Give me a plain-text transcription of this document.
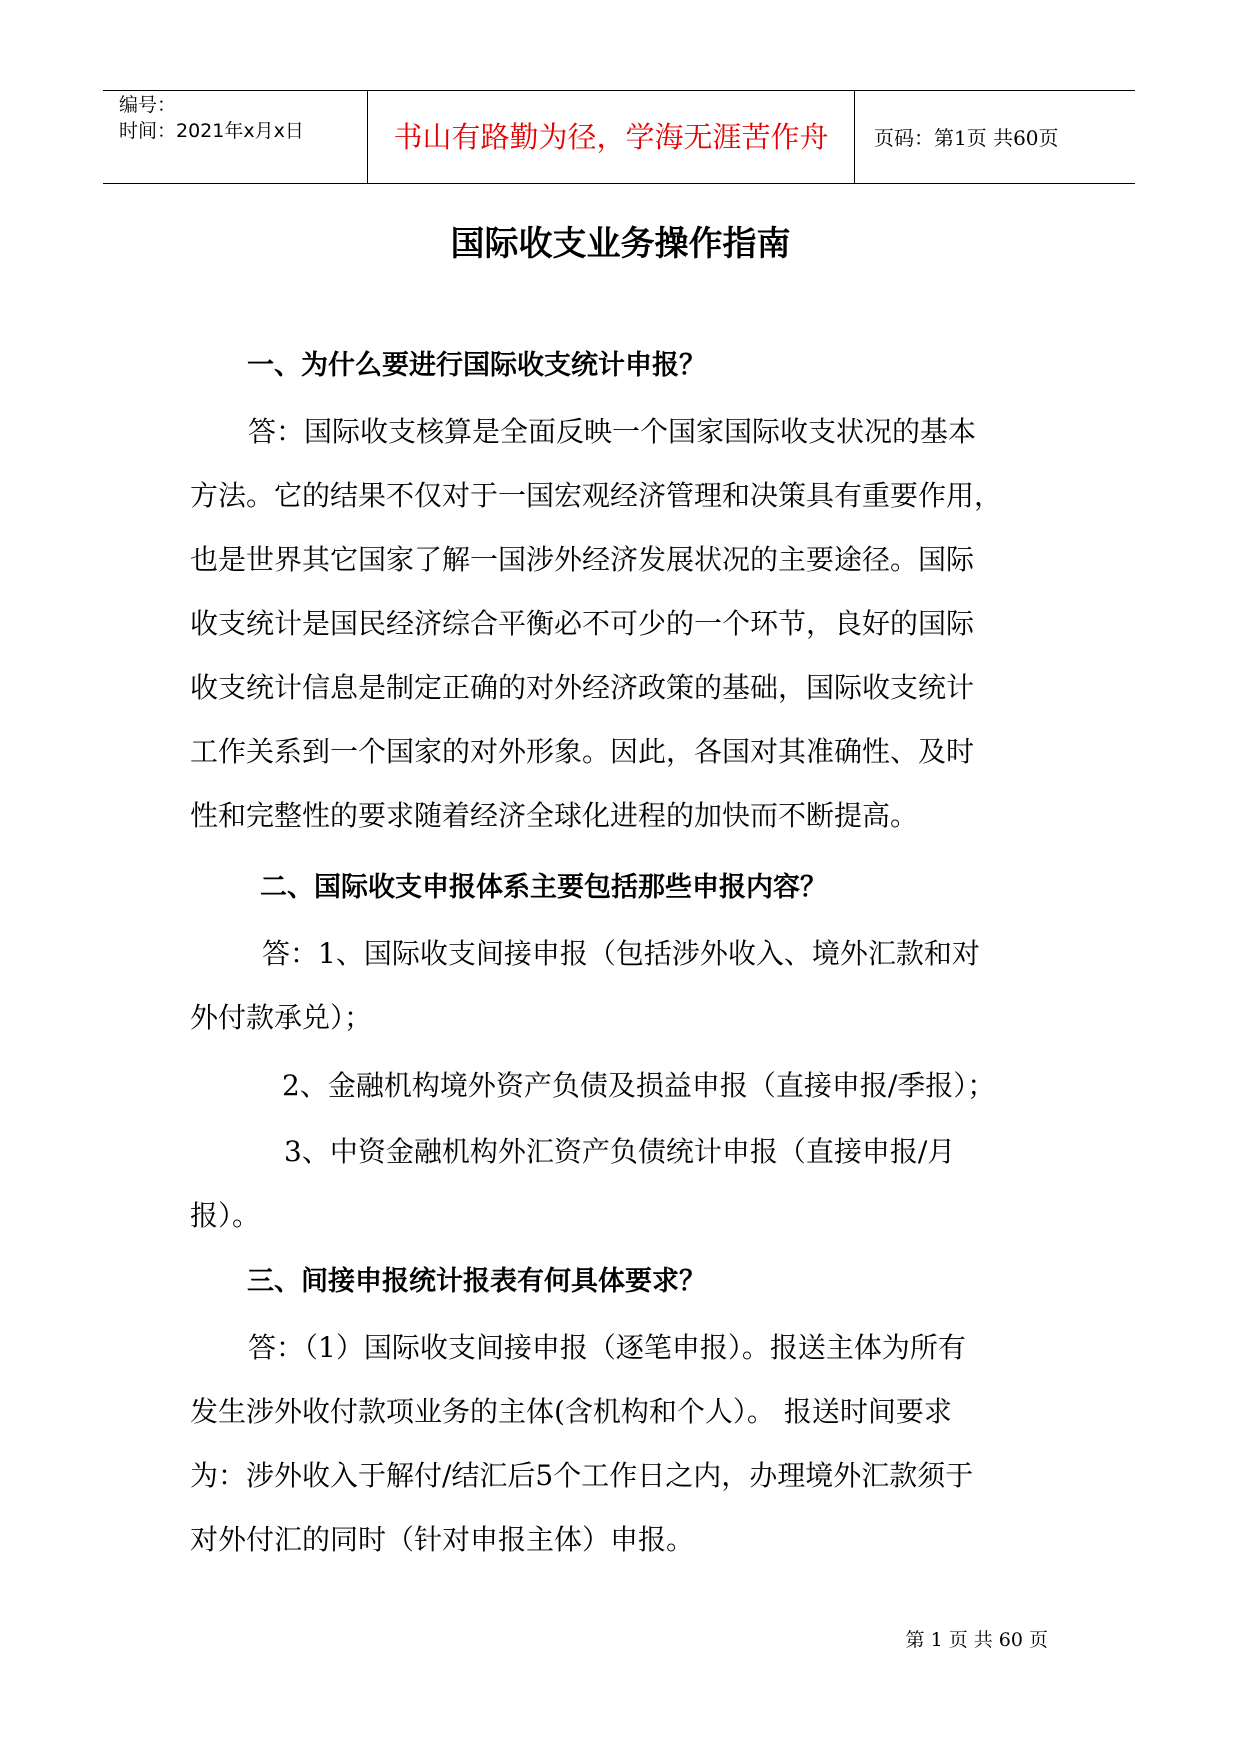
编号：
时间：2021年x月x日	书山有路勤为径，学海无涯苦作舟	页码：第1页 共60页
国际收支业务操作指南
一、为什么要进行国际收支统计申报？
答：国际收支核算是全面反映一个国家国际收支状况的基本
方法。它的结果不仅对于一国宏观经济管理和决策具有重要作用，
也是世界其它国家了解一国涉外经济发展状况的主要途径。国际
收支统计是国民经济综合平衡必不可少的一个环节，良好的国际
收支统计信息是制定正确的对外经济政策的基础，国际收支统计
工作关系到一个国家的对外形象。因此，各国对其准确性、及时
性和完整性的要求随着经济全球化进程的加快而不断提高。
二、国际收支申报体系主要包括那些申报内容？
答：1、国际收支间接申报（包括涉外收入、境外汇款和对
外付款承兑）；
2、金融机构境外资产负债及损益申报（直接申报/季报）；
3、中资金融机构外汇资产负债统计申报（直接申报/月
报）。
三、间接申报统计报表有何具体要求？
答：（1）国际收支间接申报（逐笔申报）。报送主体为所有
发生涉外收付款项业务的主体(含机构和个人）。 报送时间要求
为：涉外收入于解付/结汇后5个工作日之内，办理境外汇款须于
对外付汇的同时（针对申报主体）申报。
第 1 页 共 60 页
